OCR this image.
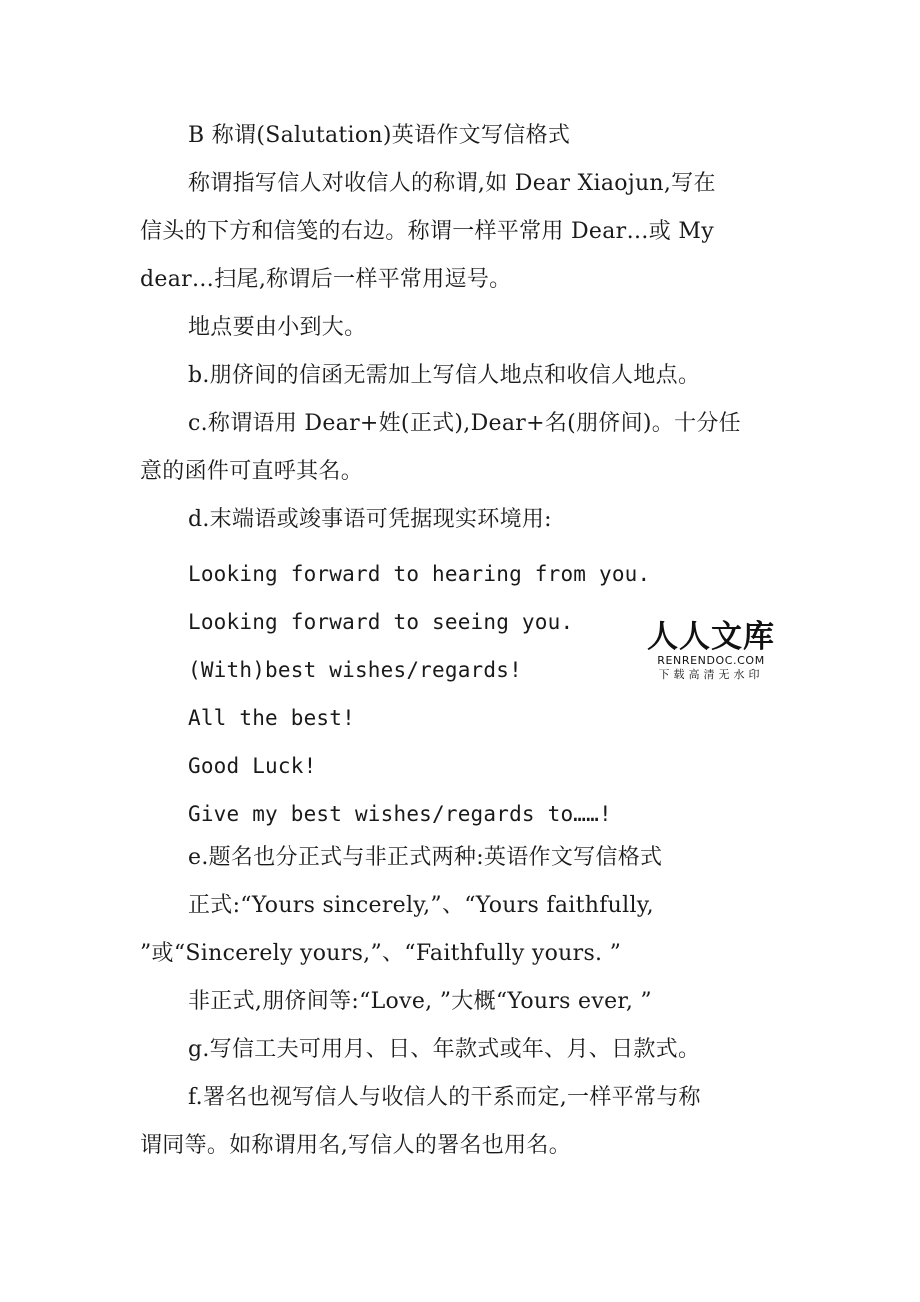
B 称谓(Salutation)英语作文写信格式
称谓指写信人对收信人的称谓,如 Dear Xiaojun,写在
信头的下方和信笺的右边。称谓一样平常用 Dear…或 My
dear…扫尾,称谓后一样平常用逗号。
地点要由小到大。
b.朋侪间的信函无需加上写信人地点和收信人地点。
c.称谓语用 Dear+姓(正式),Dear+名(朋侪间)。十分任
意的函件可直呼其名。
d.末端语或竣事语可凭据现实环境用:
Looking forward to hearing from you.
Looking forward to seeing you.
(With)best wishes/regards!
All the best!
Good Luck!
Give my best wishes/regards to……!
e.题名也分正式与非正式两种:英语作文写信格式
正式:“Yours sincerely,”、“Yours faithfully,
”或“Sincerely yours,”、“Faithfully yours. ”
非正式,朋侪间等:“Love, ”大概“Yours ever, ”
g.写信工夫可用月、日、年款式或年、月、日款式。
f.署名也视写信人与收信人的干系而定,一样平常与称
谓同等。如称谓用名,写信人的署名也用名。
人人文库
RENRENDOC.COM
下载高清无水印
